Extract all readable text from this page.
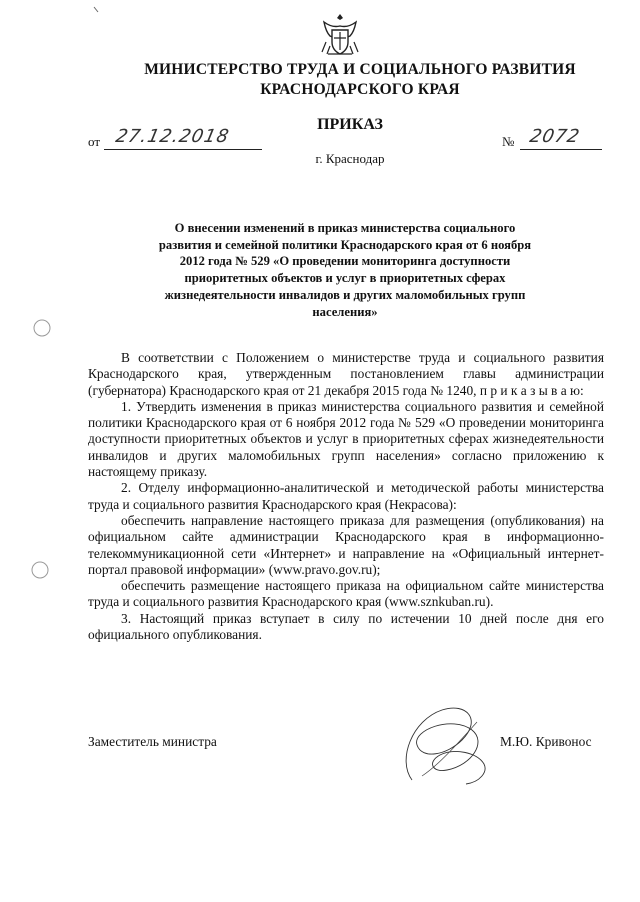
МИНИСТЕРСТВО ТРУДА И СОЦИАЛЬНОГО РАЗВИТИЯ
КРАСНОДАРСКОГО КРАЯ
ПРИКАЗ
от 27.12.2018	№ 2072
г. Краснодар
О внесении изменений в приказ министерства социального
развития и семейной политики Краснодарского края от 6 ноября
2012 года № 529 «О проведении мониторинга доступности
приоритетных объектов и услуг в приоритетных сферах
жизнедеятельности инвалидов и других маломобильных групп
населения»

В соответствии с Положением о министерстве труда и социального развития Краснодарского края, утвержденным постановлением главы администрации (губернатора) Краснодарского края от 21 декабря 2015 года № 1240, п р и к а з ы в а ю:

1. Утвердить изменения в приказ министерства социального развития и семейной политики Краснодарского края от 6 ноября 2012 года № 529 «О проведении мониторинга доступности приоритетных объектов и услуг в приоритетных сферах жизнедеятельности инвалидов и других маломобильных групп населения» согласно приложению к настоящему приказу.

2. Отделу информационно-аналитической и методической работы министерства труда и социального развития Краснодарского края (Некрасова):

обеспечить направление настоящего приказа для размещения (опубликования) на официальном сайте администрации Краснодарского края в информационно-телекоммуникационной сети «Интернет» и направление на «Официальный интернет-портал правовой информации» (www.pravo.gov.ru);

обеспечить размещение настоящего приказа на официальном сайте министерства труда и социального развития Краснодарского края (www.sznkuban.ru).

3. Настоящий приказ вступает в силу по истечении 10 дней после дня его официального опубликования.

Заместитель министра	М.Ю. Кривонос
